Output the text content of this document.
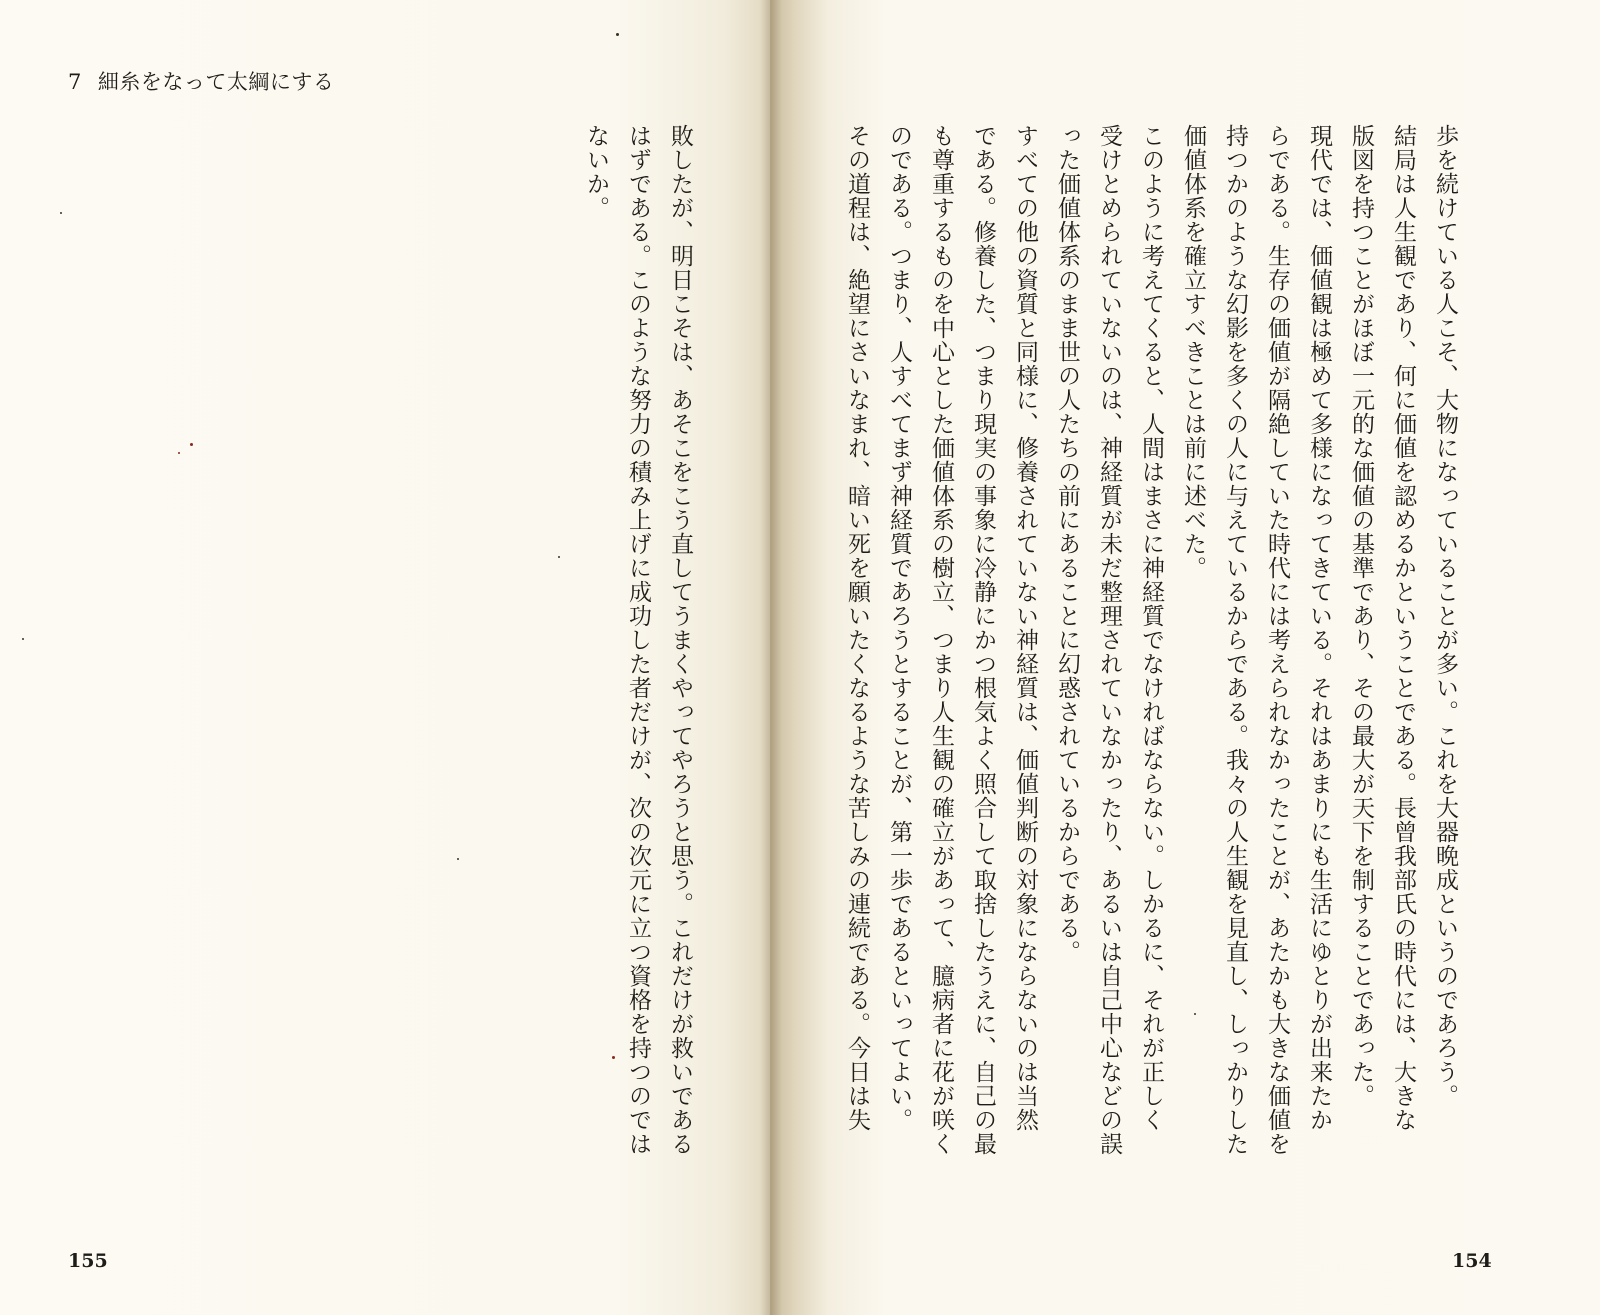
7 細糸をなって太綱にする
歩を続けている人こそ、大物になっていることが多い。これを大器晩成というのであろう。
結局は人生観であり、何に価値を認めるかということである。長曾我部氏の時代には、大きな
版図を持つことがほぼ一元的な価値の基準であり、その最大が天下を制することであった。
現代では、価値観は極めて多様になってきている。それはあまりにも生活にゆとりが出来たか
らである。生存の価値が隔絶していた時代には考えられなかったことが、あたかも大きな価値を
持つかのような幻影を多くの人に与えているからである。我々の人生観を見直し、しっかりした
価値体系を確立すべきことは前に述べた。
このように考えてくると、人間はまさに神経質でなければならない。しかるに、それが正しく
受けとめられていないのは、神経質が未だ整理されていなかったり、あるいは自己中心などの誤
った価値体系のまま世の人たちの前にあることに幻惑されているからである。
すべての他の資質と同様に、修養されていない神経質は、価値判断の対象にならないのは当然
である。修養した、つまり現実の事象に冷静にかつ根気よく照合して取捨したうえに、自己の最
も尊重するものを中心とした価値体系の樹立、つまり人生観の確立があって、臆病者に花が咲く
のである。つまり、人すべてまず神経質であろうとすることが、第一歩であるといってよい。
その道程は、絶望にさいなまれ、暗い死を願いたくなるような苦しみの連続である。今日は失
敗したが、明日こそは、あそこをこう直してうまくやってやろうと思う。これだけが救いである
はずである。このような努力の積み上げに成功した者だけが、次の次元に立つ資格を持つのでは
ないか。
155	154
